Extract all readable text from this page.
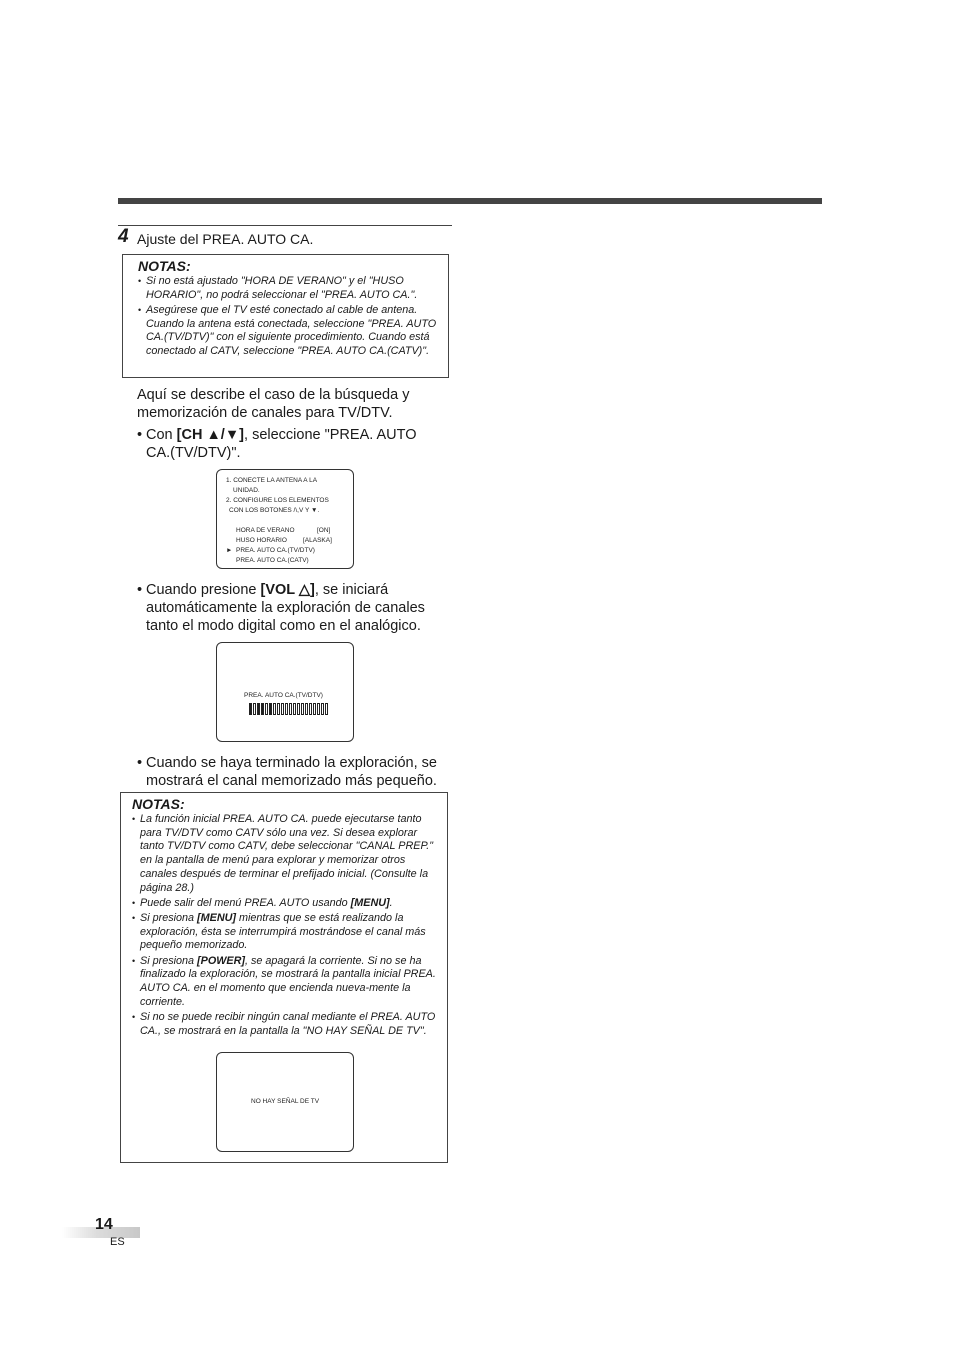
4 Ajuste del PREA. AUTO CA.
NOTAS:
• Si no está ajustado "HORA DE VERANO" y el "HUSO HORARIO", no podrá seleccionar el "PREA. AUTO CA.".
• Asegúrese que el TV esté conectado al cable de antena. Cuando la antena está conectada, seleccione "PREA. AUTO CA.(TV/DTV)" con el siguiente procedimiento. Cuando está conectado al CATV, seleccione "PREA. AUTO CA.(CATV)".
Aquí se describe el caso de la búsqueda y
memorización de canales para TV/DTV.
• Con [CH ▲/▼], seleccione "PREA. AUTO CA.(TV/DTV)".
1. CONECTE LA ANTENA A LA
UNIDAD.
2. CONFIGURE LOS ELEMENTOS
CON LOS BOTONES /\,V Y ▼.
HORA DE VERANO	[ON]
HUSO HORARIO [ALASKA]
► PREA. AUTO CA.(TV/DTV)
PREA. AUTO CA.(CATV)
• Cuando presione [VOL △], se iniciará automáticamente la exploración de canales tanto el modo digital como en el analógico.
PREA. AUTO CA.(TV/DTV)
• Cuando se haya terminado la exploración, se mostrará el canal memorizado más pequeño.
NOTAS:
• La función inicial PREA. AUTO CA. puede ejecutarse tanto para TV/DTV como CATV sólo una vez. Si desea explorar tanto TV/DTV como CATV, debe seleccionar "CANAL PREP." en la pantalla de menú para explorar y memorizar otros canales después de terminar el prefijado inicial. (Consulte la página 28.)
• Puede salir del menú PREA. AUTO usando [MENU].
• Si presiona [MENU] mientras que se está realizando la exploración, ésta se interrumpirá mostrándose el canal más pequeño memorizado.
• Si presiona [POWER], se apagará la corriente. Si no se ha finalizado la exploración, se mostrará la pantalla inicial PREA. AUTO CA. en el momento que encienda nueva-mente la corriente.
• Si no se puede recibir ningún canal mediante el PREA. AUTO CA., se mostrará en la pantalla la "NO HAY SEÑAL DE TV".
NO HAY SEÑAL DE TV
14
ES
